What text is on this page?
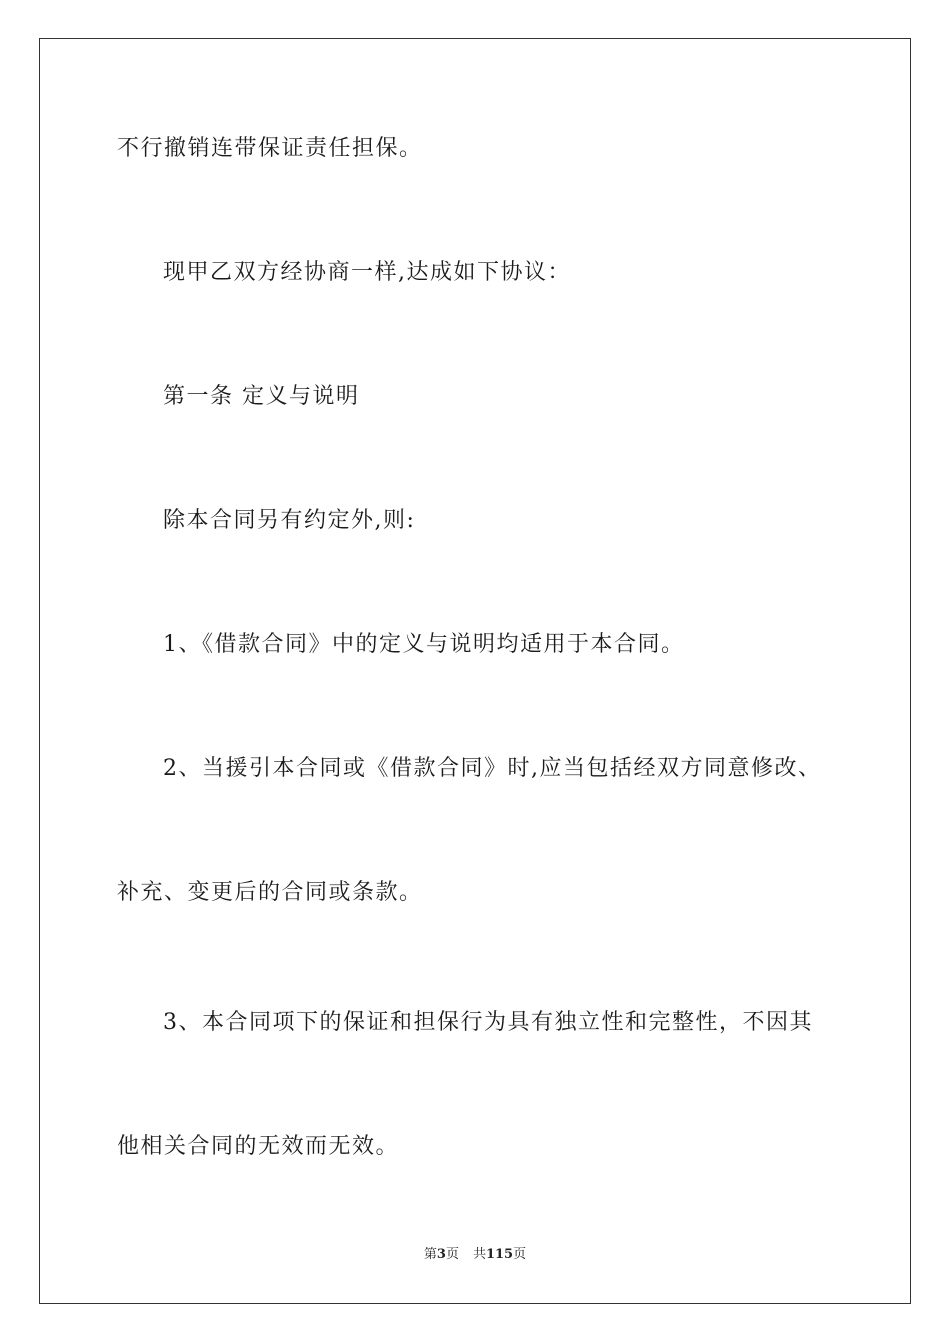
不行撤销连带保证责任担保。
现甲乙双方经协商一样,达成如下协议：
第一条 定义与说明
除本合同另有约定外,则:
1、《借款合同》中的定义与说明均适用于本合同。
2、当援引本合同或《借款合同》时,应当包括经双方同意修改、
补充、变更后的合同或条款。
3、本合同项下的保证和担保行为具有独立性和完整性，不因其
他相关合同的无效而无效。
第3页 共115页
